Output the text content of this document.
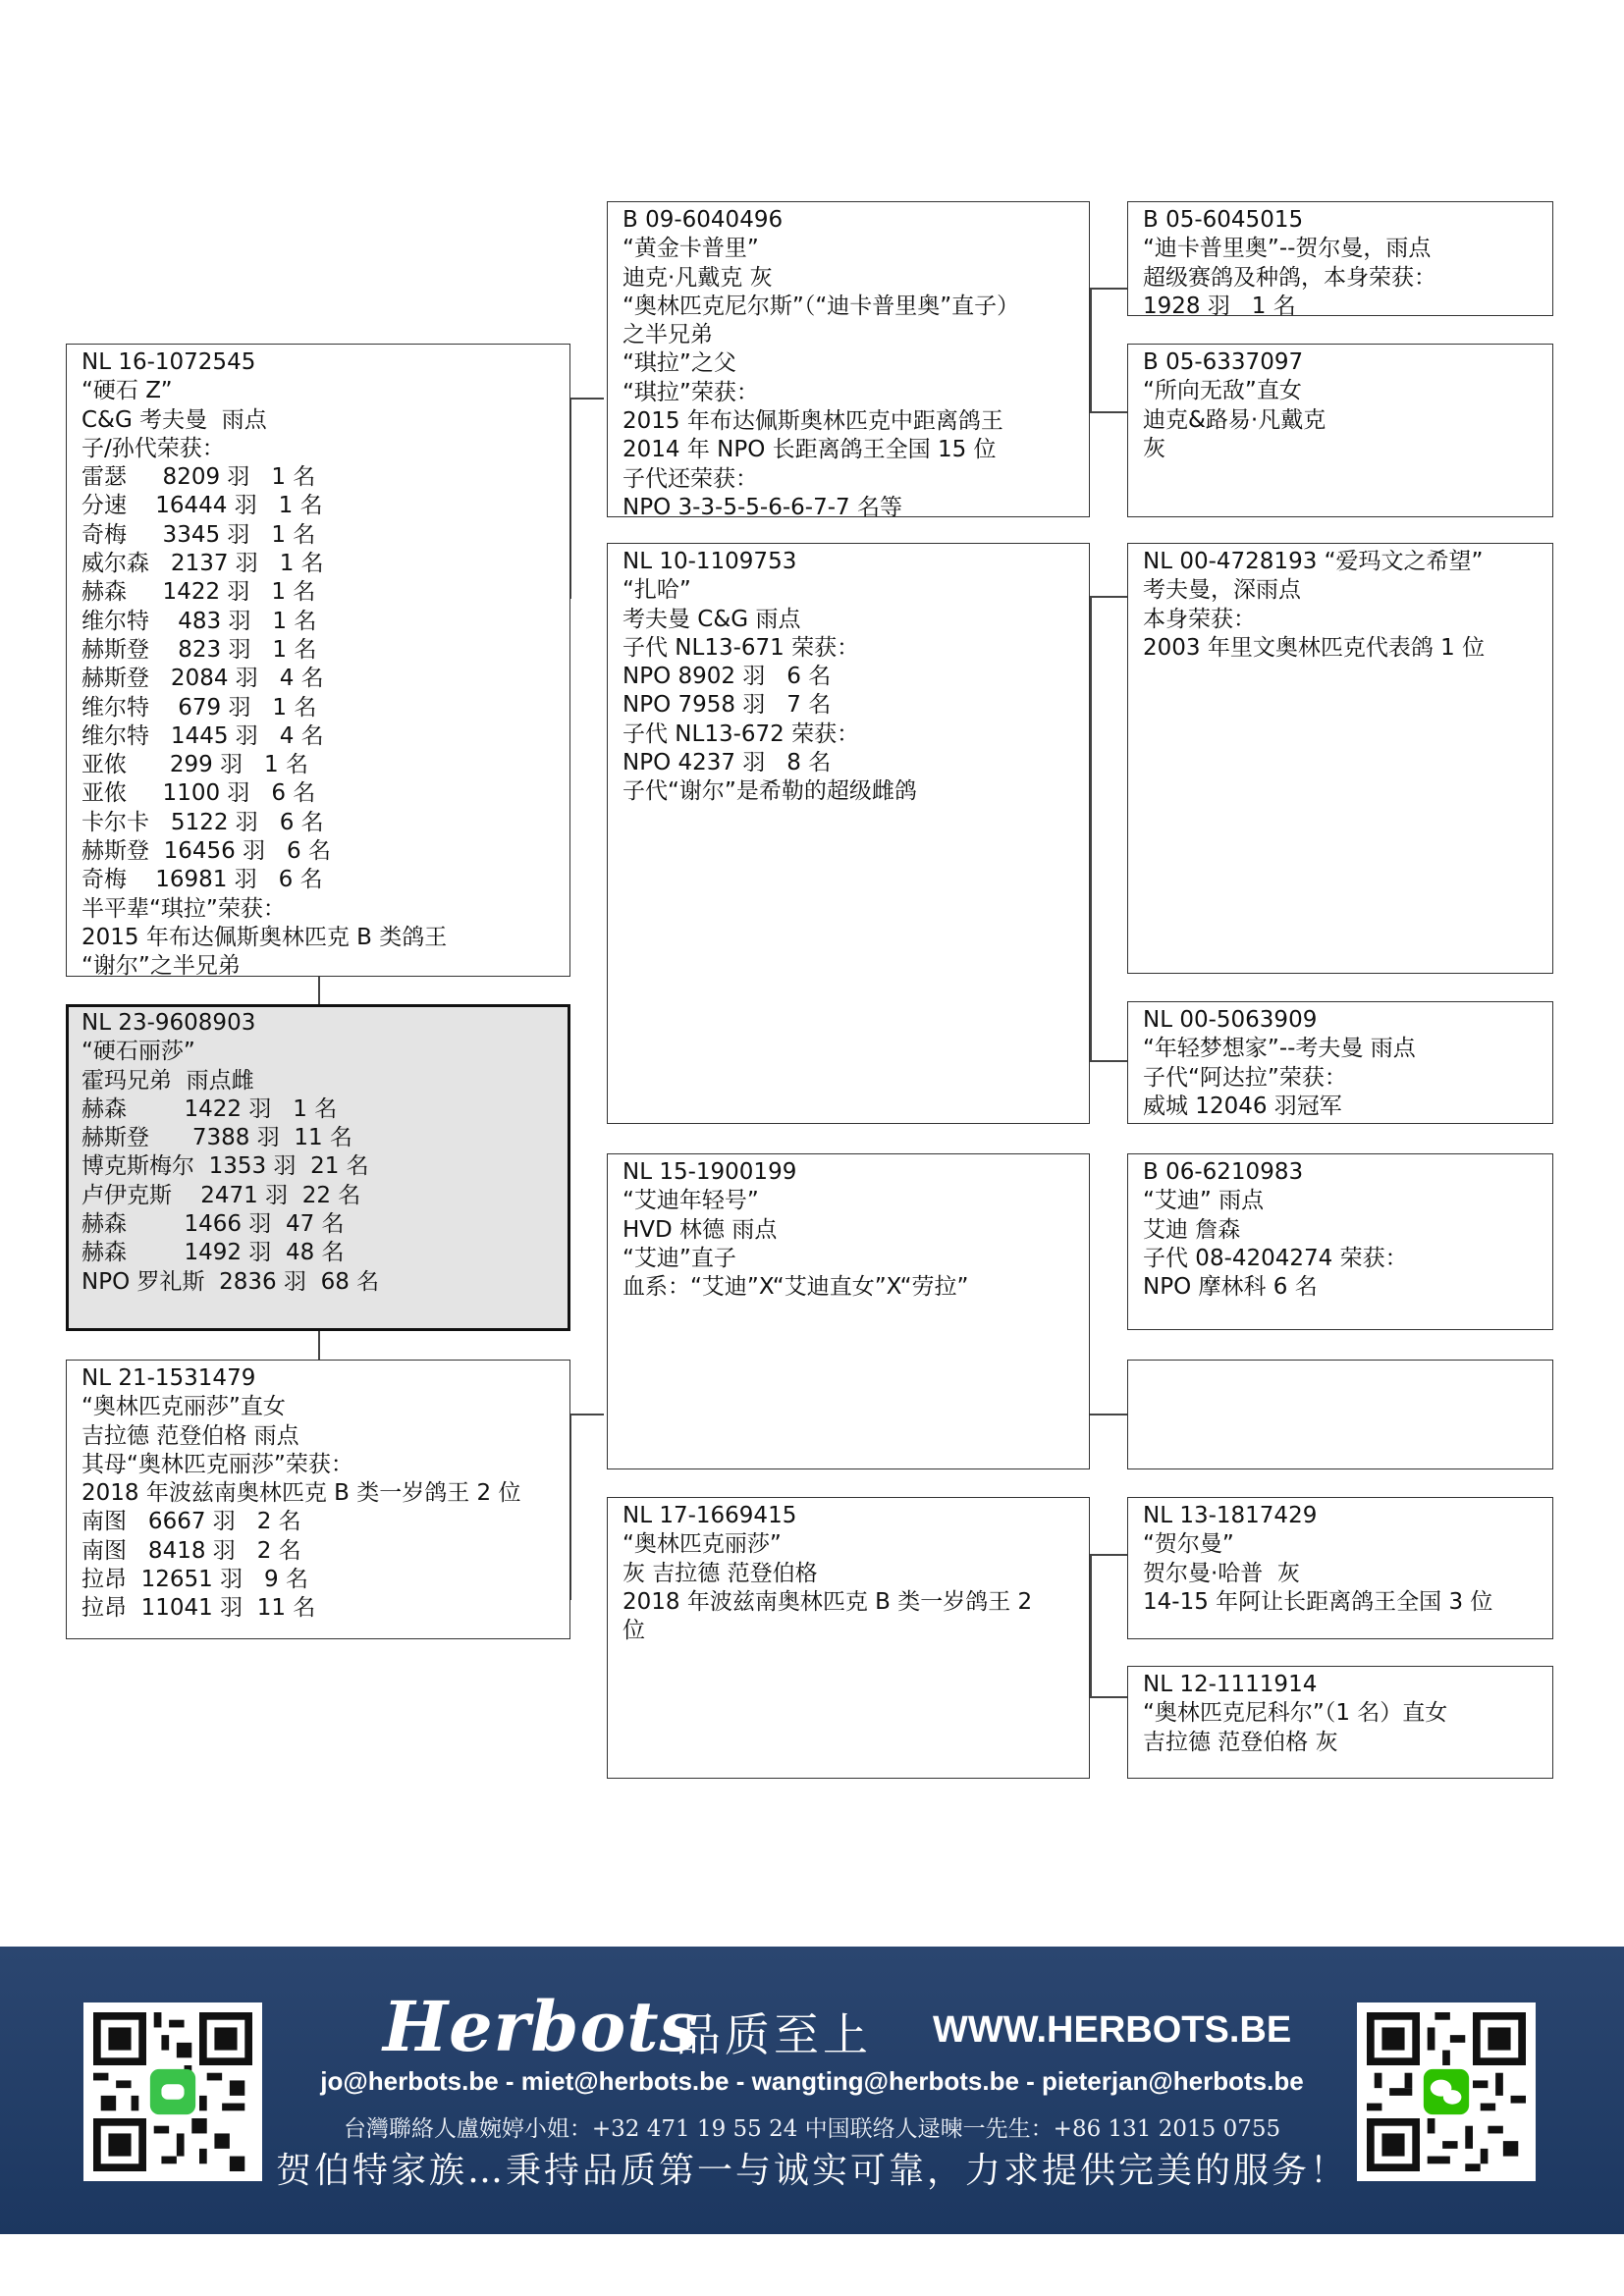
NL 16-1072545
“硬石 Z”
C&G 考夫曼  雨点
子/孙代荣获：
雷瑟     8209 羽   1 名
分速    16444 羽   1 名
奇梅     3345 羽   1 名
威尔森   2137 羽   1 名
赫森     1422 羽   1 名
维尔特    483 羽   1 名
赫斯登    823 羽   1 名
赫斯登   2084 羽   4 名
维尔特    679 羽   1 名
维尔特   1445 羽   4 名
亚侬      299 羽   1 名
亚侬     1100 羽   6 名
卡尔卡   5122 羽   6 名
赫斯登  16456 羽   6 名
奇梅    16981 羽   6 名
半平辈“琪拉”荣获：
2015 年布达佩斯奥林匹克 B 类鸽王
“谢尔”之半兄弟
NL 23-9608903
“硬石丽莎”
霍玛兄弟  雨点雌
赫森        1422 羽   1 名
赫斯登      7388 羽  11 名
博克斯梅尔  1353 羽  21 名
卢伊克斯    2471 羽  22 名
赫森        1466 羽  47 名
赫森        1492 羽  48 名
NPO 罗礼斯  2836 羽  68 名
NL 21-1531479
“奥林匹克丽莎”直女
吉拉德 范登伯格 雨点
其母“奥林匹克丽莎”荣获：
2018 年波兹南奥林匹克 B 类一岁鸽王 2 位
南图   6667 羽   2 名
南图   8418 羽   2 名
拉昂  12651 羽   9 名
拉昂  11041 羽  11 名
B 09-6040496
“黄金卡普里”
迪克·凡戴克 灰
“奥林匹克尼尔斯”（“迪卡普里奥”直子）
之半兄弟
“琪拉”之父
“琪拉”荣获：
2015 年布达佩斯奥林匹克中距离鸽王
2014 年 NPO 长距离鸽王全国 15 位
子代还荣获：
NPO 3-3-5-5-6-6-7-7 名等
NL 10-1109753
“扎哈”
考夫曼 C&G 雨点
子代 NL13-671 荣获：
NPO 8902 羽   6 名
NPO 7958 羽   7 名
子代 NL13-672 荣获：
NPO 4237 羽   8 名
子代“谢尔”是希勒的超级雌鸽
NL 15-1900199
“艾迪年轻号”
HVD 林德 雨点
“艾迪”直子
血系：“艾迪”X“艾迪直女”X“劳拉”
NL 17-1669415
“奥林匹克丽莎”
灰 吉拉德 范登伯格
2018 年波兹南奥林匹克 B 类一岁鸽王 2
位
B 05-6045015
“迪卡普里奥”--贺尔曼，雨点
超级赛鸽及种鸽，本身荣获：
1928 羽   1 名
B 05-6337097
“所向无敌”直女
迪克&路易·凡戴克
灰
NL 00-4728193 “爱玛文之希望”
考夫曼，深雨点
本身荣获：
2003 年里文奥林匹克代表鸽 1 位
NL 00-5063909
“年轻梦想家”--考夫曼 雨点
子代“阿达拉”荣获：
威城 12046 羽冠军
B 06-6210983
“艾迪” 雨点
艾迪 詹森
子代 08-4204274 荣获：
NPO 摩林科 6 名
NL 13-1817429
“贺尔曼”
贺尔曼·哈普  灰
14-15 年阿让长距离鸽王全国 3 位
NL 12-1111914
“奥林匹克尼科尔”（1 名）直女
吉拉德 范登伯格 灰
Herbots
品质至上 WWW.HERBOTS.BE
jo@herbots.be - miet@herbots.be - wangting@herbots.be - pieterjan@herbots.be
台灣聯絡人盧婉婷小姐：+32 471 19 55 24 中国联络人逯暕一先生：+86 131 2015 0755
贺伯特家族…秉持品质第一与诚实可靠，力求提供完美的服务！
